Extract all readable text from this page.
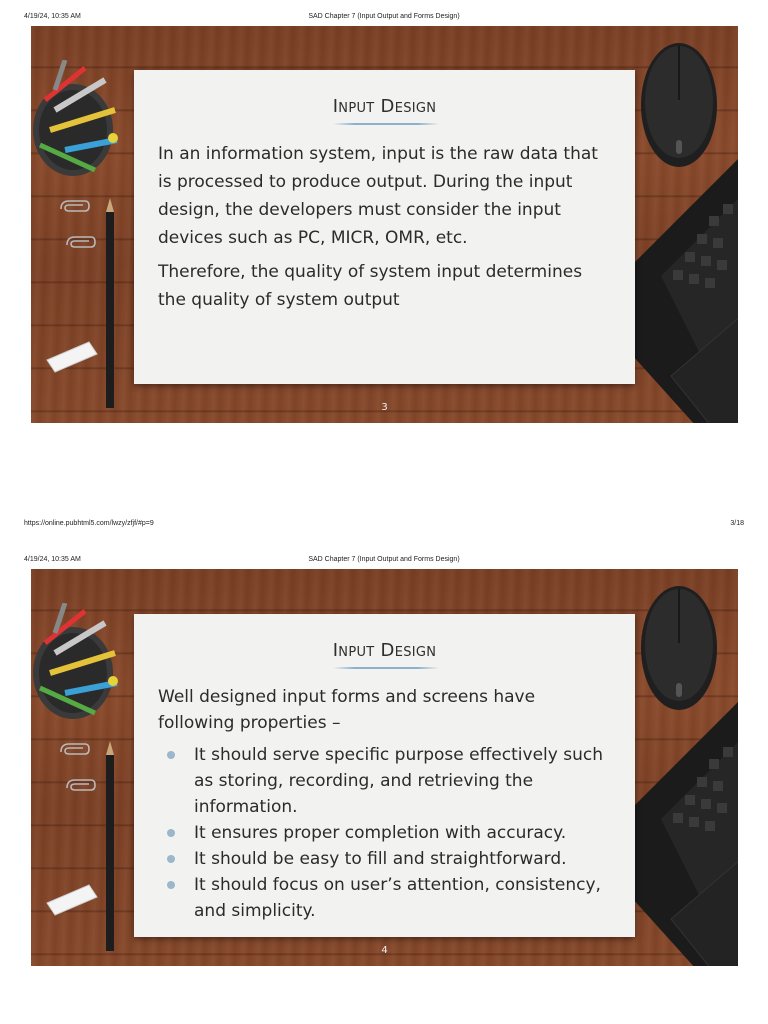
4/19/24, 10:35 AM	SAD Chapter 7 (Input Output and Forms Design)
Input Design

In an information system, input is the raw data that is processed to produce output. During the input design, the developers must consider the input devices such as PC, MICR, OMR, etc.

Therefore, the quality of system input determines the quality of system output

3
https://online.pubhtml5.com/lwzy/zfjf/#p=9	3/18
4/19/24, 10:35 AM	SAD Chapter 7 (Input Output and Forms Design)
Input Design

Well designed input forms and screens have following properties –

It should serve specific purpose effectively such as storing, recording, and retrieving the information.
It ensures proper completion with accuracy.
It should be easy to fill and straightforward.
It should focus on user’s attention, consistency, and simplicity.
4
